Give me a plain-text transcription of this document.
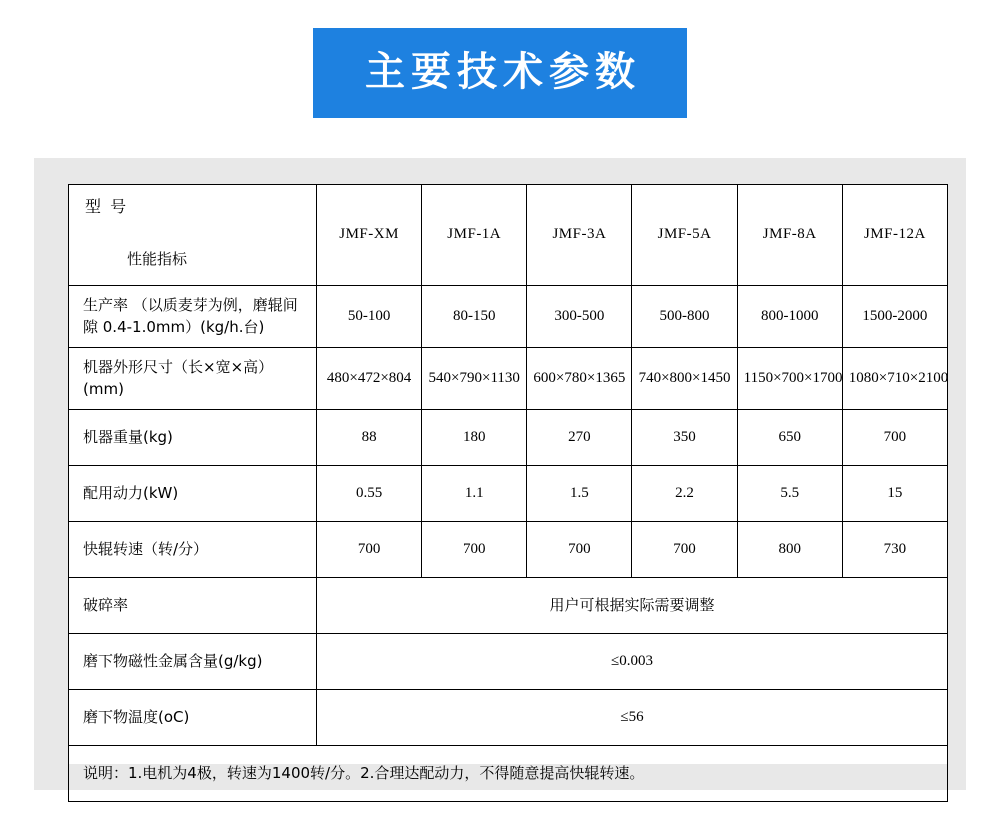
主要技术参数
型 号
性能指标	JMF-XM	JMF-1A	JMF-3A	JMF-5A	JMF-8A	JMF-12A
生产率 （以质麦芽为例，磨辊间隙 0.4-1.0mm）(kg/h.台)	50-100	80-150	300-500	500-800	800-1000	1500-2000
机器外形尺寸（长×宽×高）(mm)	480×472×804	540×790×1130	600×780×1365	740×800×1450	1150×700×1700	1080×710×2100
机器重量(kg)	88	180	270	350	650	700
配用动力(kW)	0.55	1.1	1.5	2.2	5.5	15
快辊转速（转/分）	700	700	700	700	800	730
破碎率	用户可根据实际需要调整					
磨下物磁性金属含量(g/kg)	≤0.003					
磨下物温度(oC)	≤56					
说明：1.电机为4极，转速为1400转/分。2.合理达配动力，不得随意提高快辊转速。						
